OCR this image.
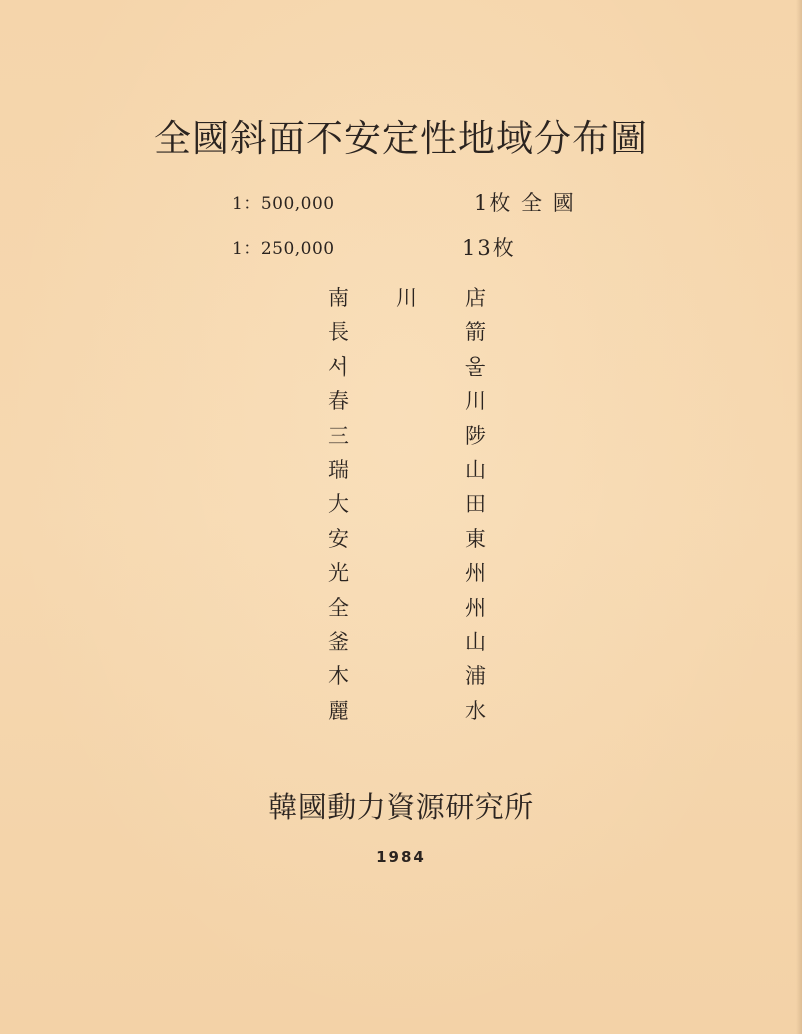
全國斜面不安定性地域分布圖
1：500,000	1枚 全 國
1：250,000	13枚
南 川 店
長	箭
서	울
春	川
三	陟
瑞	山
大	田
安	東
光	州
全	州
釜	山
木	浦
麗	水
韓國動力資源研究所
1984
